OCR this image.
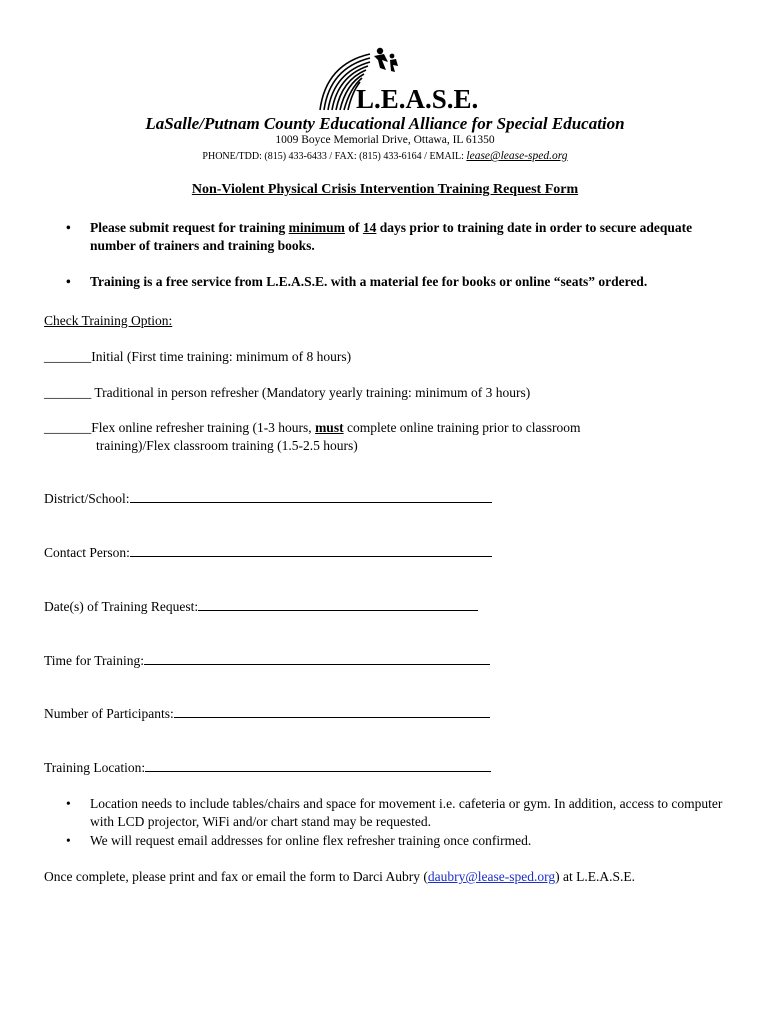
L.E.A.S.E.
LaSalle/Putnam County Educational Alliance for Special Education
1009 Boyce Memorial Drive, Ottawa, IL 61350
PHONE/TDD: (815) 433-6433 / FAX: (815) 433-6164 / EMAIL: lease@lease-sped.org
Non-Violent Physical Crisis Intervention Training Request Form
• Please submit request for training minimum of 14 days prior to training date in order to secure adequate number of trainers and training books.
• Training is a free service from L.E.A.S.E. with a material fee for books or online “seats” ordered.
Check Training Option:
_______Initial (First time training: minimum of 8 hours)
_______ Traditional in person refresher (Mandatory yearly training: minimum of 3 hours)
_______Flex online refresher training (1-3 hours, must complete online training prior to classroom
training)/Flex classroom training (1.5-2.5 hours)
District/School:
Contact Person:
Date(s) of Training Request:
Time for Training:
Number of Participants:
Training Location:
• Location needs to include tables/chairs and space for movement i.e. cafeteria or gym. In addition, access to computer with LCD projector, WiFi and/or chart stand may be requested.
• We will request email addresses for online flex refresher training once confirmed.
Once complete, please print and fax or email the form to Darci Aubry (daubry@lease-sped.org) at L.E.A.S.E.
